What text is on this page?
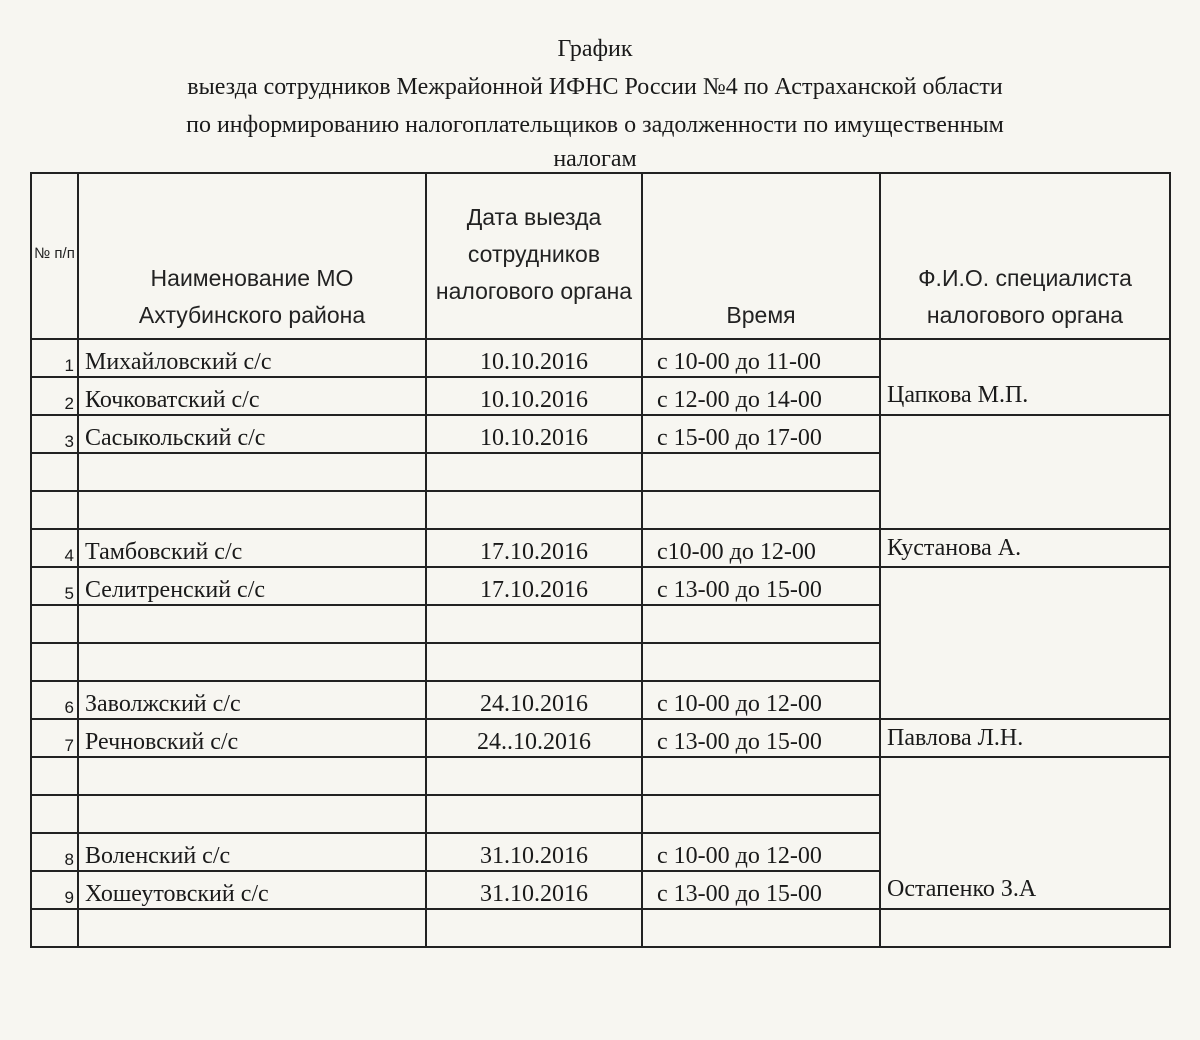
График
выезда сотрудников Межрайонной ИФНС России №4 по Астраханской области
по информированию налогоплательщиков о задолженности по имущественным
налогам
№ п/п	Наименование МО Ахтубинского района	Дата выезда сотрудников налогового органа	Время	Ф.И.О. специалиста налогового органа
1	Михайловский с/с	10.10.2016	с 10-00 до 11-00	
2	Кочковатский с/с	10.10.2016	с 12-00 до 14-00	Цапкова М.П.
3	Сасыкольский с/с	10.10.2016	с 15-00 до 17-00	

4	Тамбовский с/с	17.10.2016	с10-00 до 12-00	Кустанова А.
5	Селитренский с/с	17.10.2016	с 13-00 до 15-00	

6	Заволжский с/с	24.10.2016	с 10-00 до 12-00	
7	Речновский с/с	24..10.2016	с 13-00 до 15-00	Павлова Л.Н.

8	Воленский с/с	31.10.2016	с 10-00 до 12-00	
9	Хошеутовский с/с	31.10.2016	с 13-00 до 15-00	Остапенко З.А
